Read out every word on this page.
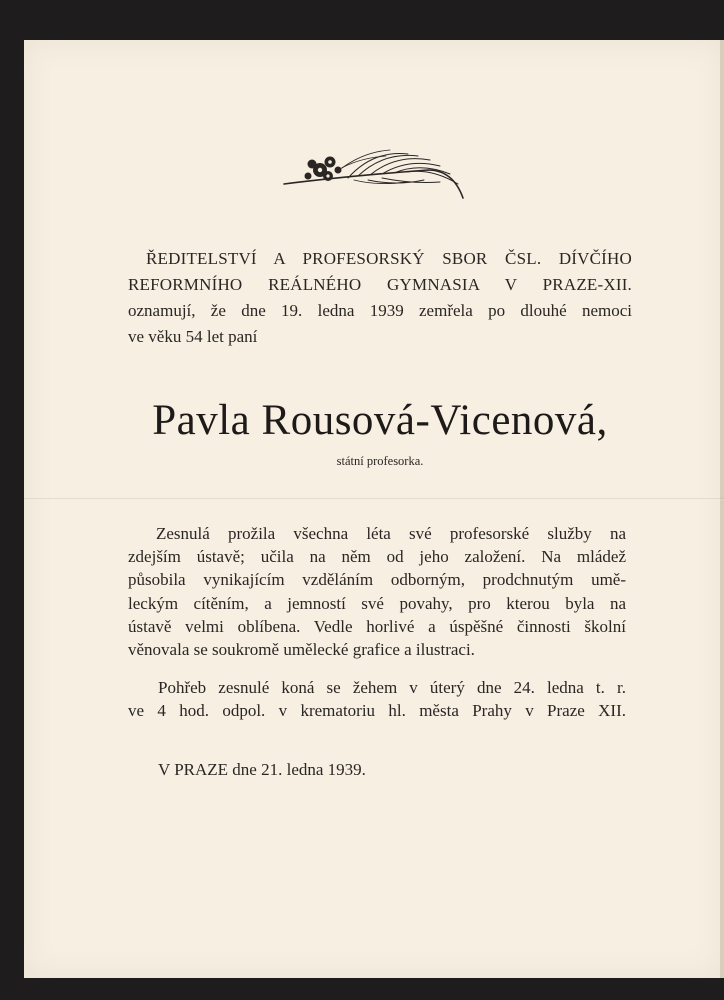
ŘEDITELSTVÍ A PROFESORSKÝ SBOR ČSL. DÍVČÍHO
REFORMNÍHO REÁLNÉHO GYMNASIA V PRAZE-XII.
oznamují, že dne 19. ledna 1939 zemřela po dlouhé nemoci
ve věku 54 let paní
Pavla Rousová-Vicenová,
státní profesorka.
Zesnulá prožila všechna léta své profesorské služby na
zdejším ústavě; učila na něm od jeho založení. Na mládež
působila vynikajícím vzděláním odborným, prodchnutým umě-
leckým cítěním, a jemností své povahy, pro kterou byla na
ústavě velmi oblíbena. Vedle horlivé a úspěšné činnosti školní
věnovala se soukromě umělecké grafice a ilustraci.
Pohřeb zesnulé koná se žehem v úterý dne 24. ledna t. r.
ve 4 hod. odpol. v krematoriu hl. města Prahy v Praze XII.
V PRAZE dne 21. ledna 1939.
